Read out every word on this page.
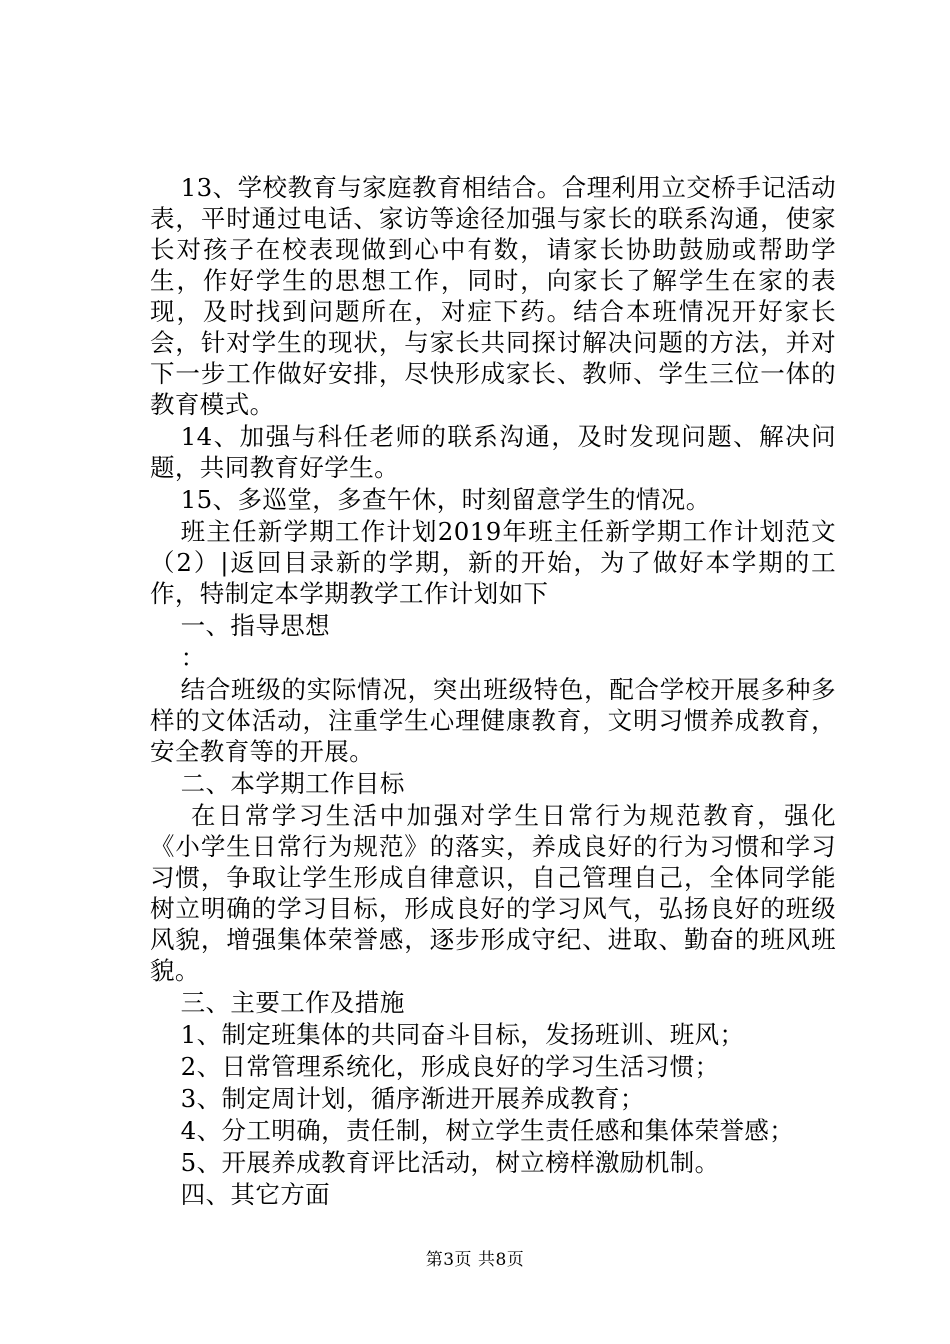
13、学校教育与家庭教育相结合。合理利用立交桥手记活动表，平时通过电话、家访等途径加强与家长的联系沟通，使家长对孩子在校表现做到心中有数，请家长协助鼓励或帮助学生，作好学生的思想工作，同时，向家长了解学生在家的表现，及时找到问题所在，对症下药。结合本班情况开好家长会，针对学生的现状，与家长共同探讨解决问题的方法，并对下一步工作做好安排，尽快形成家长、教师、学生三位一体的教育模式。

14、加强与科任老师的联系沟通，及时发现问题、解决问题，共同教育好学生。

15、多巡堂，多查午休，时刻留意学生的情况。

班主任新学期工作计划2019年班主任新学期工作计划范文（2）|返回目录新的学期，新的开始，为了做好本学期的工作，特制定本学期教学工作计划如下

一、指导思想

：

结合班级的实际情况，突出班级特色，配合学校开展多种多样的文体活动，注重学生心理健康教育，文明习惯养成教育，安全教育等的开展。

二、本学期工作目标

在日常学习生活中加强对学生日常行为规范教育，强化《小学生日常行为规范》的落实，养成良好的行为习惯和学习习惯，争取让学生形成自律意识，自己管理自己，全体同学能树立明确的学习目标，形成良好的学习风气，弘扬良好的班级风貌，增强集体荣誉感，逐步形成守纪、进取、勤奋的班风班貌。

三、主要工作及措施

1、制定班集体的共同奋斗目标，发扬班训、班风；

2、日常管理系统化，形成良好的学习生活习惯；

3、制定周计划，循序渐进开展养成教育；

4、分工明确，责任制，树立学生责任感和集体荣誉感；

5、开展养成教育评比活动，树立榜样激励机制。

四、其它方面

第3页 共8页
